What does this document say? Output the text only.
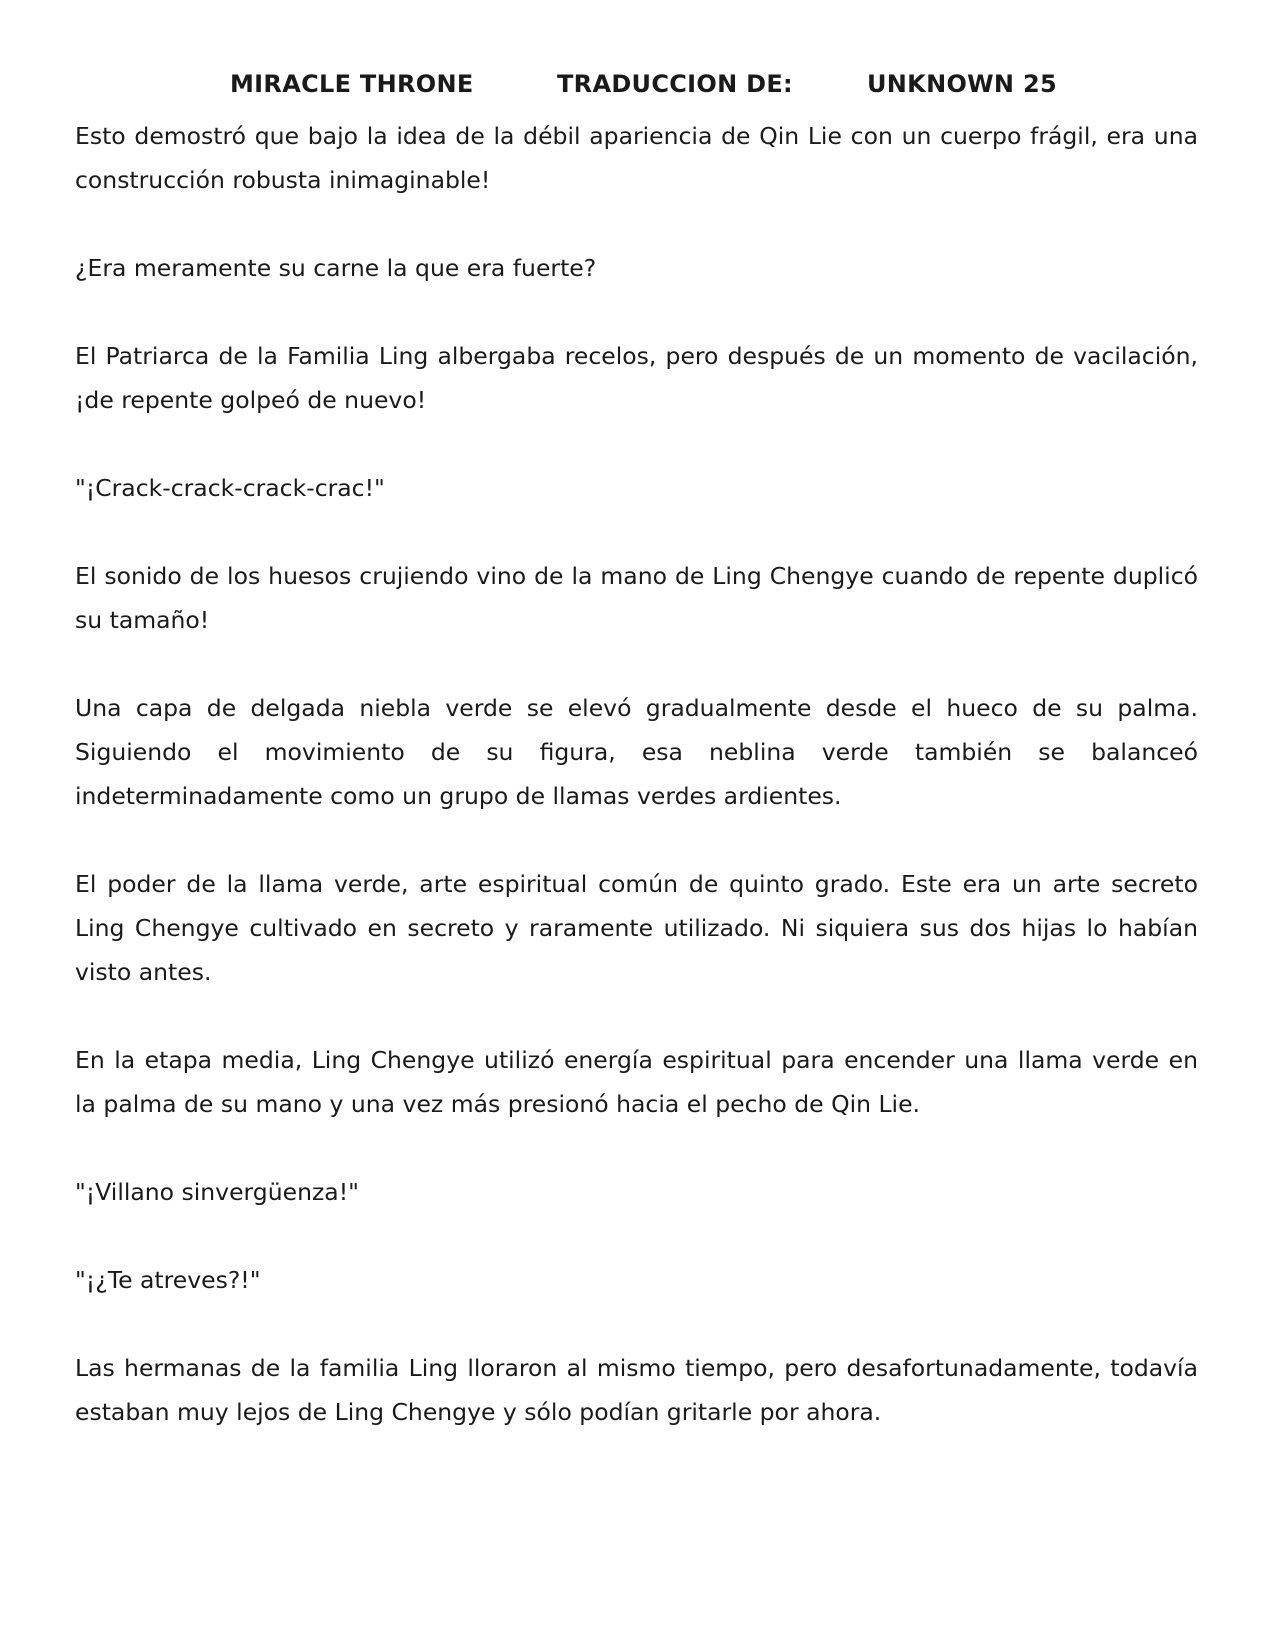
MIRACLE THRONE	TRADUCCION DE:	UNKNOWN 25

Esto demostró que bajo la idea de la débil apariencia de Qin Lie con un cuerpo frágil, era una construcción robusta inimaginable!

¿Era meramente su carne la que era fuerte?

El Patriarca de la Familia Ling albergaba recelos, pero después de un momento de vacilación, ¡de repente golpeó de nuevo!

"¡Crack-crack-crack-crac!"

El sonido de los huesos crujiendo vino de la mano de Ling Chengye cuando de repente duplicó su tamaño!

Una capa de delgada niebla verde se elevó gradualmente desde el hueco de su palma. Siguiendo el movimiento de su figura, esa neblina verde también se balanceó indeterminadamente como un grupo de llamas verdes ardientes.

El poder de la llama verde, arte espiritual común de quinto grado. Este era un arte secreto Ling Chengye cultivado en secreto y raramente utilizado. Ni siquiera sus dos hijas lo habían visto antes.

En la etapa media, Ling Chengye utilizó energía espiritual para encender una llama verde en la palma de su mano y una vez más presionó hacia el pecho de Qin Lie.

"¡Villano sinvergüenza!"

"¡¿Te atreves?!"

Las hermanas de la familia Ling lloraron al mismo tiempo, pero desafortunadamente, todavía estaban muy lejos de Ling Chengye y sólo podían gritarle por ahora.
